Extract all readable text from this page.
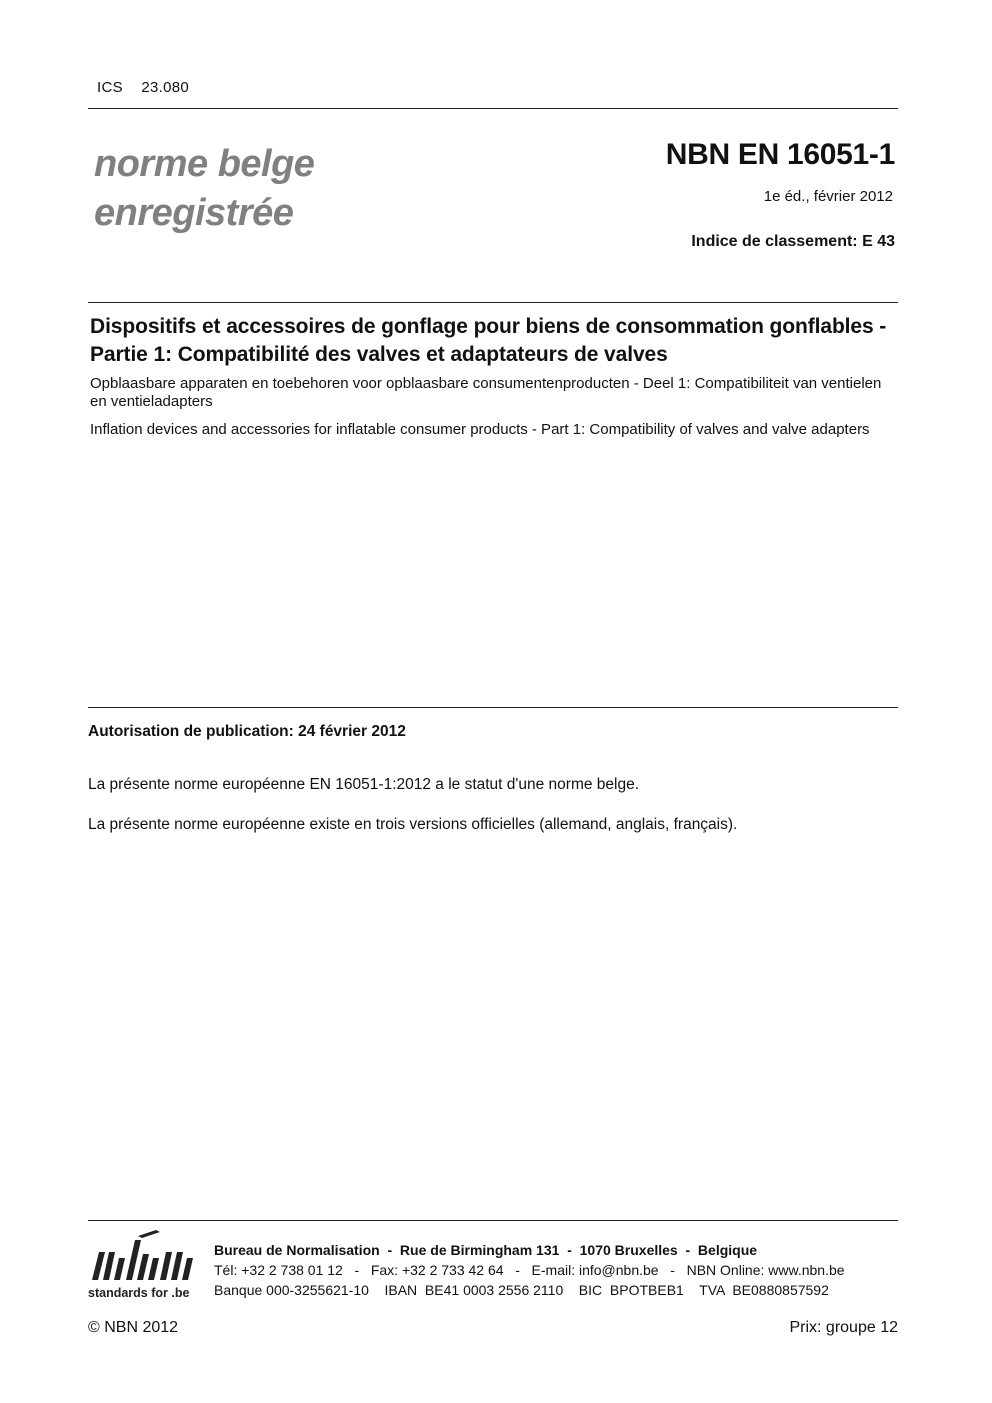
ICS 23.080
norme belge
enregistrée
NBN EN 16051-1
1e éd., février 2012
Indice de classement: E 43
Dispositifs et accessoires de gonflage pour biens de consommation gonflables - Partie 1: Compatibilité des valves et adaptateurs de valves
Opblaasbare apparaten en toebehoren voor opblaasbare consumentenproducten - Deel 1: Compatibiliteit van ventielen en ventieladapters
Inflation devices and accessories for inflatable consumer products - Part 1: Compatibility of valves and valve adapters
Autorisation de publication: 24 février 2012
La présente norme européenne EN 16051-1:2012 a le statut d'une norme belge.
La présente norme européenne existe en trois versions officielles (allemand, anglais, français).
standards for .be
Bureau de Normalisation  -  Rue de Birmingham 131  -  1070 Bruxelles  -  Belgique
Tél: +32 2 738 01 12   -   Fax: +32 2 733 42 64   -   E-mail: info@nbn.be   -   NBN Online: www.nbn.be
Banque 000-3255621-10    IBAN  BE41 0003 2556 2110    BIC  BPOTBEB1    TVA  BE0880857592
© NBN 2012	Prix: groupe 12
